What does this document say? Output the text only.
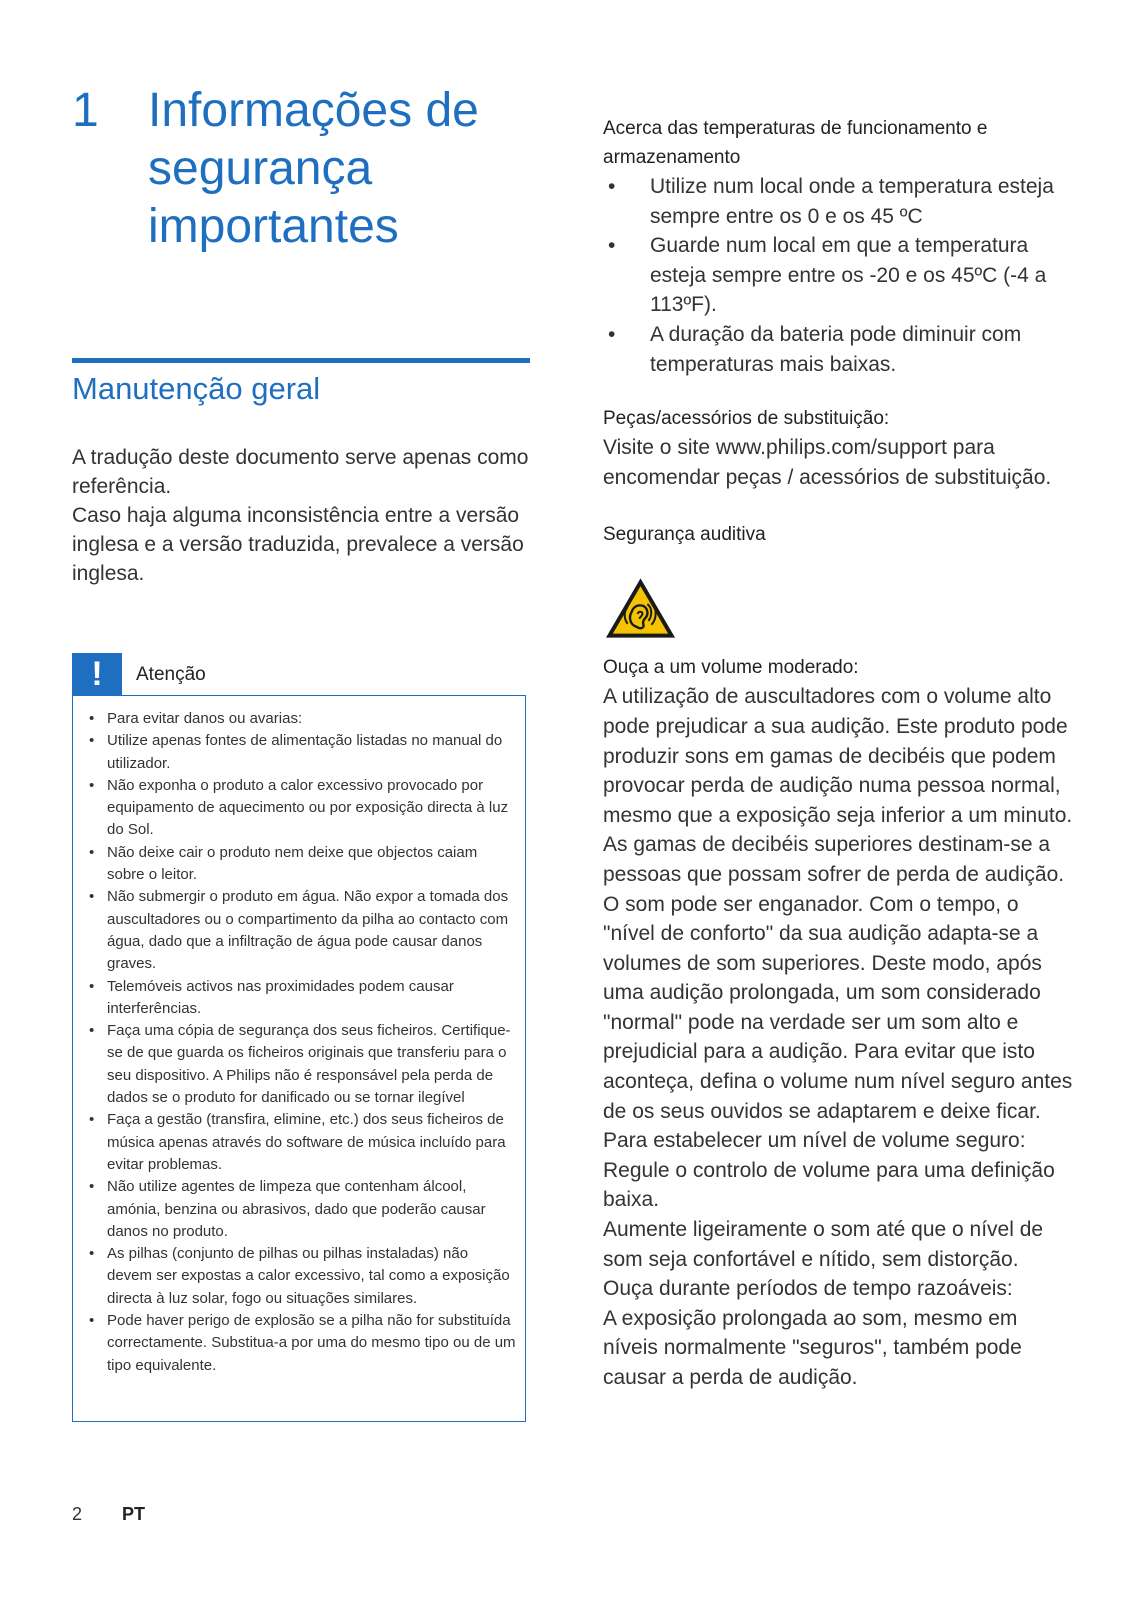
1 Informações de segurança importantes
Manutenção geral

A tradução deste documento serve apenas como referência.

Caso haja alguma inconsistência entre a versão inglesa e a versão traduzida, prevalece a versão inglesa.

!	Atenção
• Para evitar danos ou avarias:
• Utilize apenas fontes de alimentação listadas no manual do utilizador.
• Não exponha o produto a calor excessivo provocado por equipamento de aquecimento ou por exposição directa à luz do Sol.
• Não deixe cair o produto nem deixe que objectos caiam sobre o leitor.
• Não submergir o produto em água. Não expor a tomada dos auscultadores ou o compartimento da pilha ao contacto com água, dado que a infiltração de água pode causar danos graves.
• Telemóveis activos nas proximidades podem causar interferências.
• Faça uma cópia de segurança dos seus ficheiros. Certifique-se de que guarda os ficheiros originais que transferiu para o seu dispositivo. A Philips não é responsável pela perda de dados se o produto for danificado ou se tornar ilegível
• Faça a gestão (transfira, elimine, etc.) dos seus ficheiros de música apenas através do software de música incluído para evitar problemas.
• Não utilize agentes de limpeza que contenham álcool, amónia, benzina ou abrasivos, dado que poderão causar danos no produto.
• As pilhas (conjunto de pilhas ou pilhas instaladas) não devem ser expostas a calor excessivo, tal como a exposição directa à luz solar, fogo ou situações similares.
• Pode haver perigo de explosão se a pilha não for substituída correctamente. Substitua-a por uma do mesmo tipo ou de um tipo equivalente.

Acerca das temperaturas de funcionamento e armazenamento

• Utilize num local onde a temperatura esteja sempre entre os 0 e os 45 ºC
• Guarde num local em que a temperatura esteja sempre entre os -20 e os 45ºC (-4 a 113ºF).
• A duração da bateria pode diminuir com temperaturas mais baixas.

Peças/acessórios de substituição:

Visite o site www.philips.com/support para encomendar peças / acessórios de substituição.

Segurança auditiva

Ouça a um volume moderado:

A utilização de auscultadores com o volume alto pode prejudicar a sua audição. Este produto pode produzir sons em gamas de decibéis que podem provocar perda de audição numa pessoa normal, mesmo que a exposição seja inferior a um minuto. As gamas de decibéis superiores destinam-se a pessoas que possam sofrer de perda de audição.

O som pode ser enganador. Com o tempo, o "nível de conforto" da sua audição adapta-se a volumes de som superiores. Deste modo, após uma audição prolongada, um som considerado "normal" pode na verdade ser um som alto e prejudicial para a audição. Para evitar que isto aconteça, defina o volume num nível seguro antes de os seus ouvidos se adaptarem e deixe ficar.

Para estabelecer um nível de volume seguro:

Regule o controlo de volume para uma definição baixa.

Aumente ligeiramente o som até que o nível de som seja confortável e nítido, sem distorção.

Ouça durante períodos de tempo razoáveis:

A exposição prolongada ao som, mesmo em níveis normalmente "seguros", também pode causar a perda de audição.

2 PT
